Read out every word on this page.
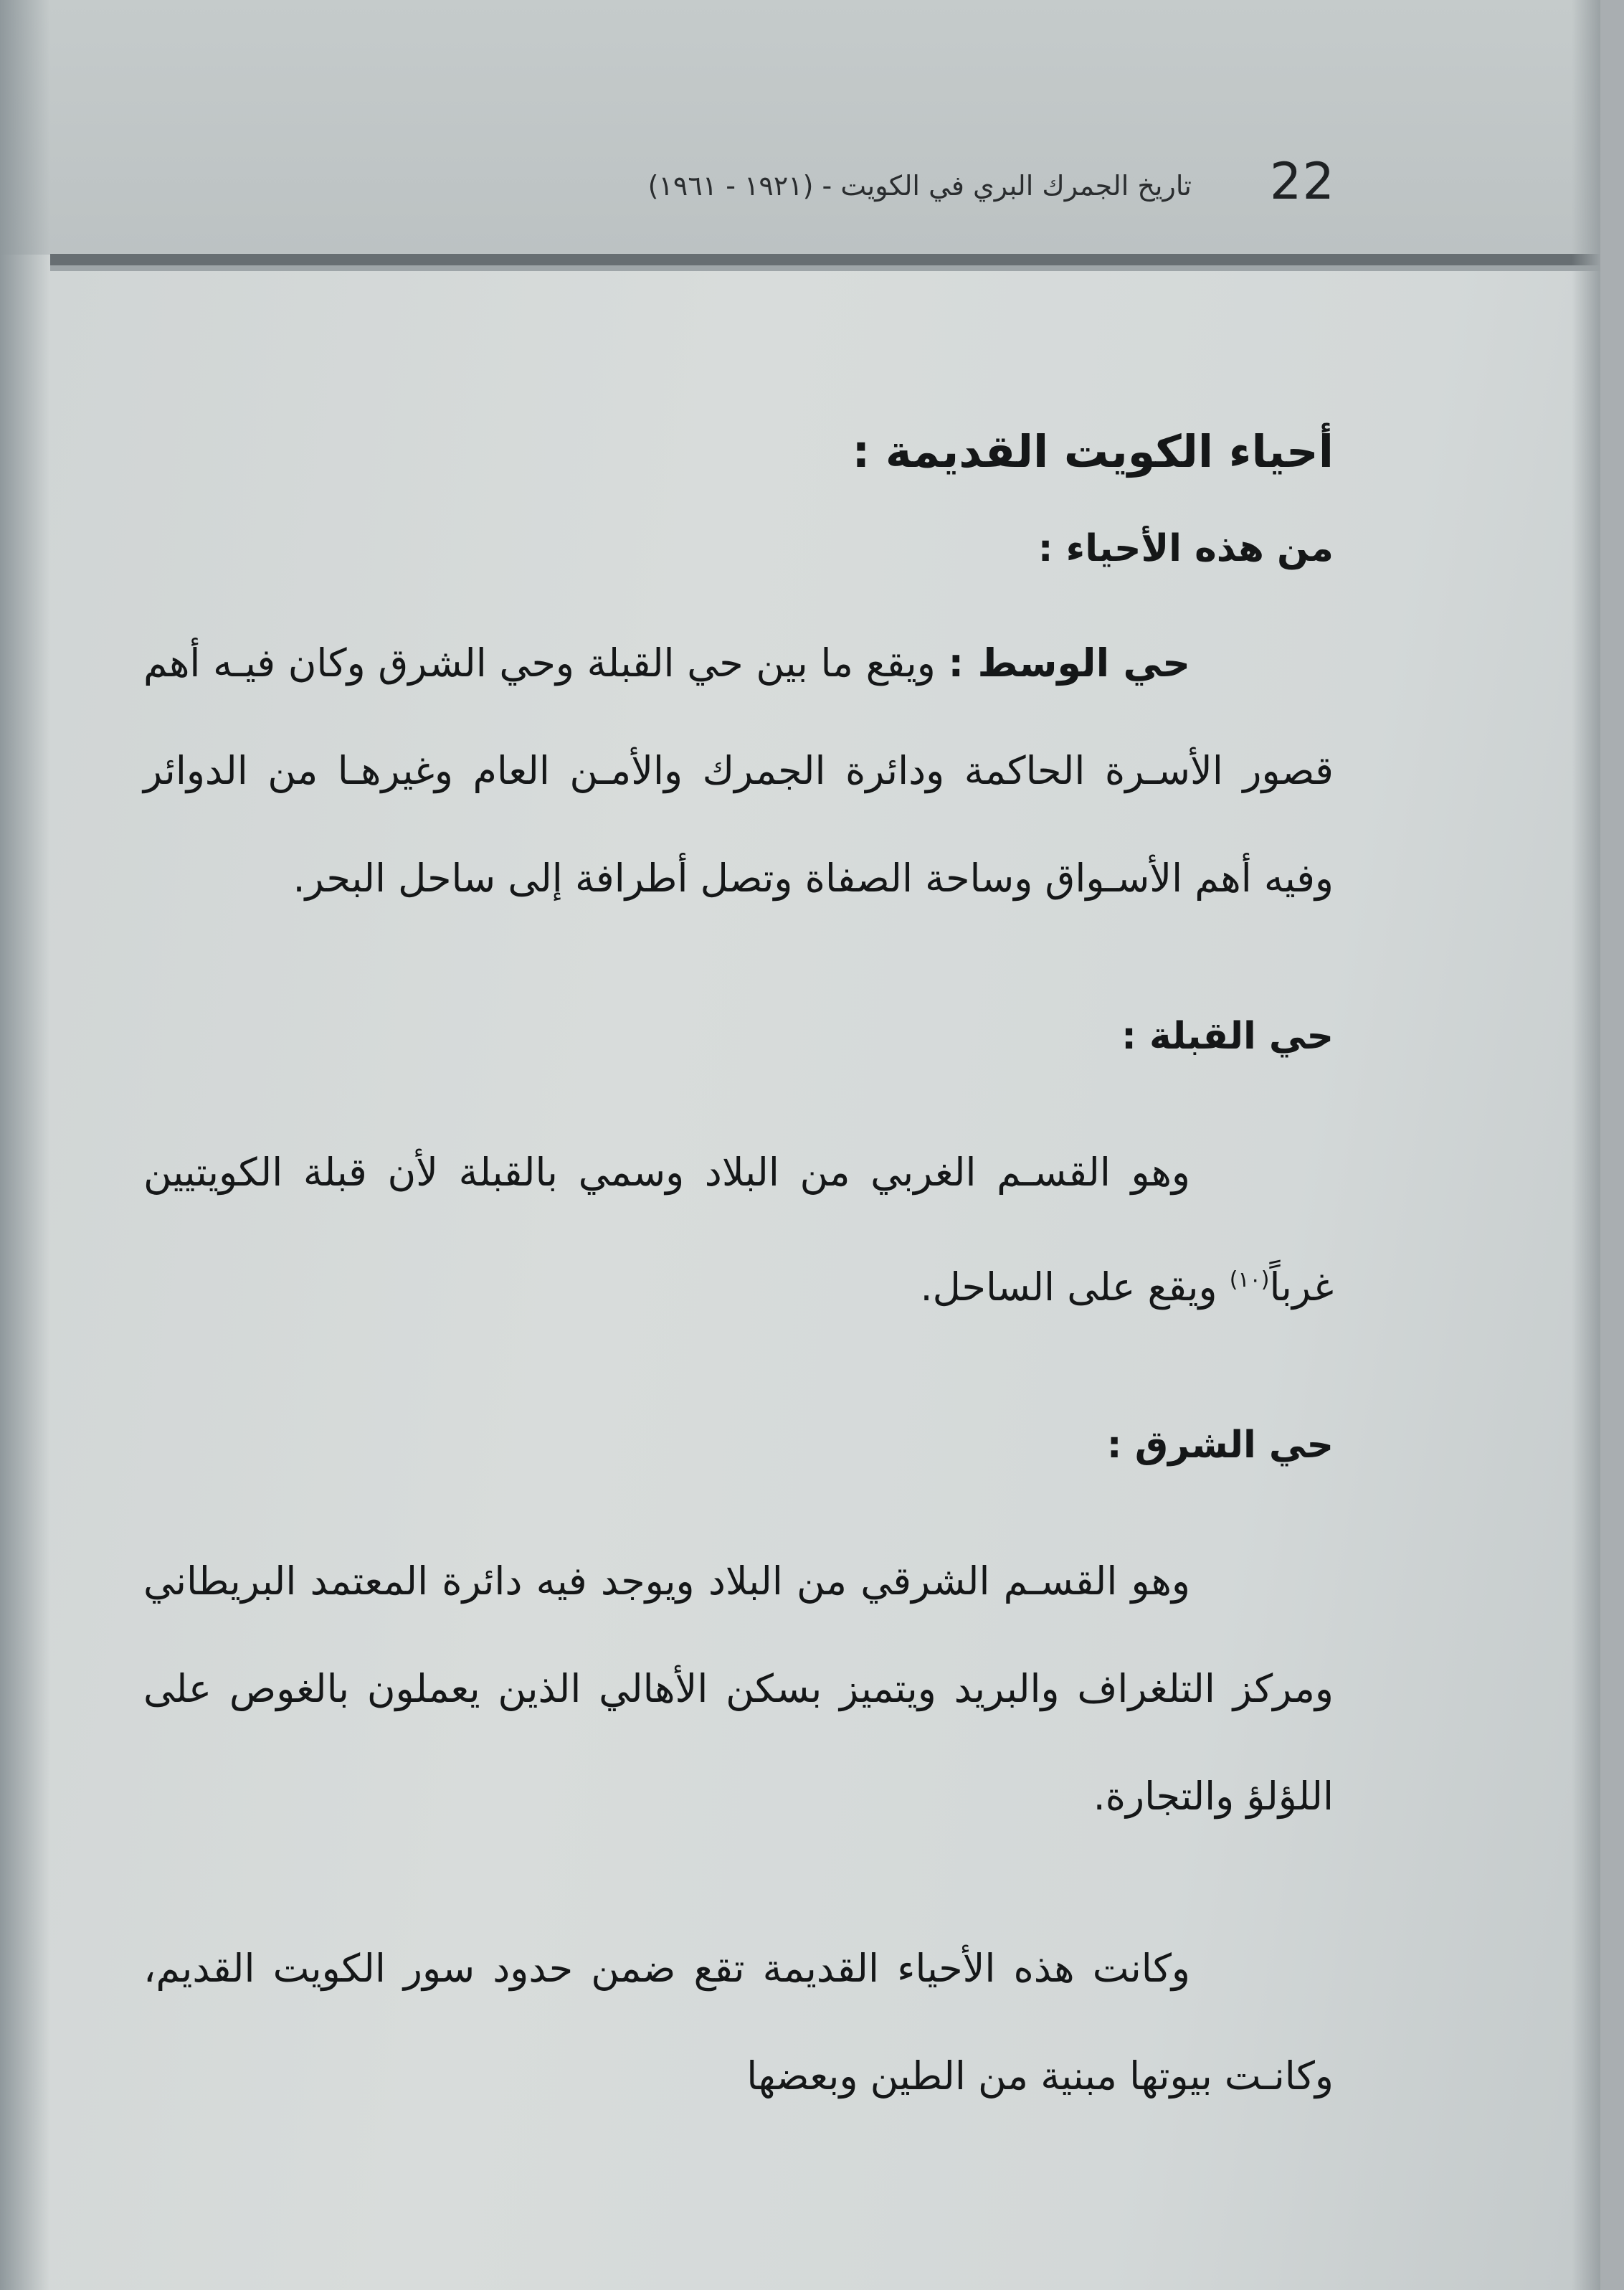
22
تاريخ الجمرك البري في الكويت - (١٩٢١ - ١٩٦١)
أحياء الكويت القديمة :
من هذه الأحياء :

حي الوسط : ويقع ما بين حي القبلة وحي الشرق وكان فيـه أهم قصور الأسـرة الحاكمة ودائرة الجمرك والأمـن العام وغيرهـا من الدوائر وفيه أهم الأسـواق وساحة الصفاة وتصل أطرافة إلى ساحل البحر.

حي القبلة :

وهو القسـم الغربي من البلاد وسمي بالقبلة لأن قبلة الكويتيين غرباً$^{(١٠)}$ ويقع على الساحل.

حي الشرق :

وهو القسـم الشرقي من البلاد ويوجد فيه دائرة المعتمد البريطاني ومركز التلغراف والبريد ويتميز بسكن الأهالي الذين يعملون بالغوص على اللؤلؤ والتجارة.

وكانت هذه الأحياء القديمة تقع ضمن حدود سور الكويت القديم، وكانـت بيوتها مبنية من الطين وبعضها
